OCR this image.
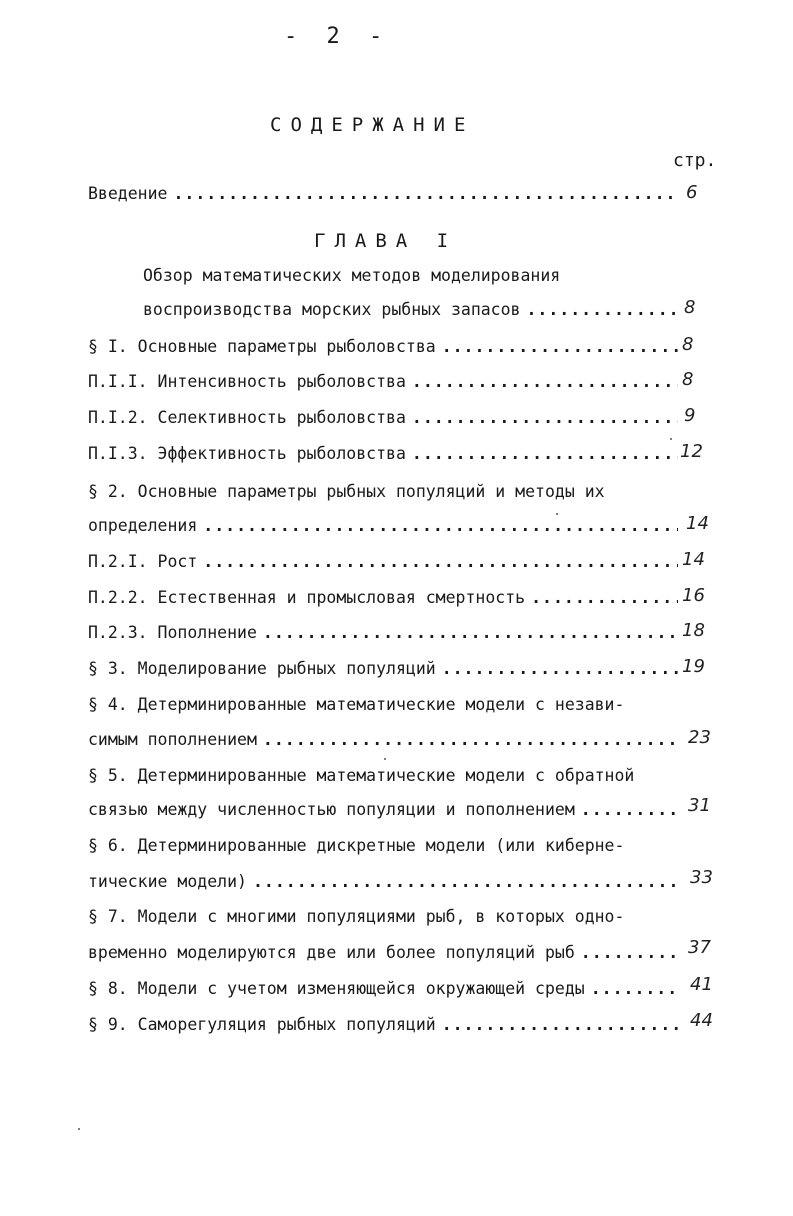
- 2 -
СОДЕРЖАНИЕ
стр.
Введение .....	6
ГЛАВА I
Обзор математических методов моделирования
воспроизводства морских рыбных запасов .....	8
§ I. Основные параметры рыболовства .....	8
П.I.I. Интенсивность рыболовства .....	8
П.I.2. Селективность рыболовства .....	9
П.I.3. Эффективность рыболовства .....	12
§ 2. Основные параметры рыбных популяций и методы их
определения .....	14
П.2.I. Рост .....	14
П.2.2. Естественная и промысловая смертность .....	16
П.2.3. Пополнение .....	18
§ 3. Моделирование рыбных популяций .....	19
§ 4. Детерминированные математические модели с незави-
симым пополнением .....	23
§ 5. Детерминированные математические модели с обратной
связью между численностью популяции и пополнением .....	31
§ 6. Детерминированные дискретные модели (или кибернe-
тические модели) .....	33
§ 7. Модели с многими популяциями рыб, в которых одно-
временно моделируются две или более популяций рыб .....	37
§ 8. Модели с учетом изменяющейся окружающей среды .....	41
§ 9. Саморегуляция рыбных популяций .....	44
